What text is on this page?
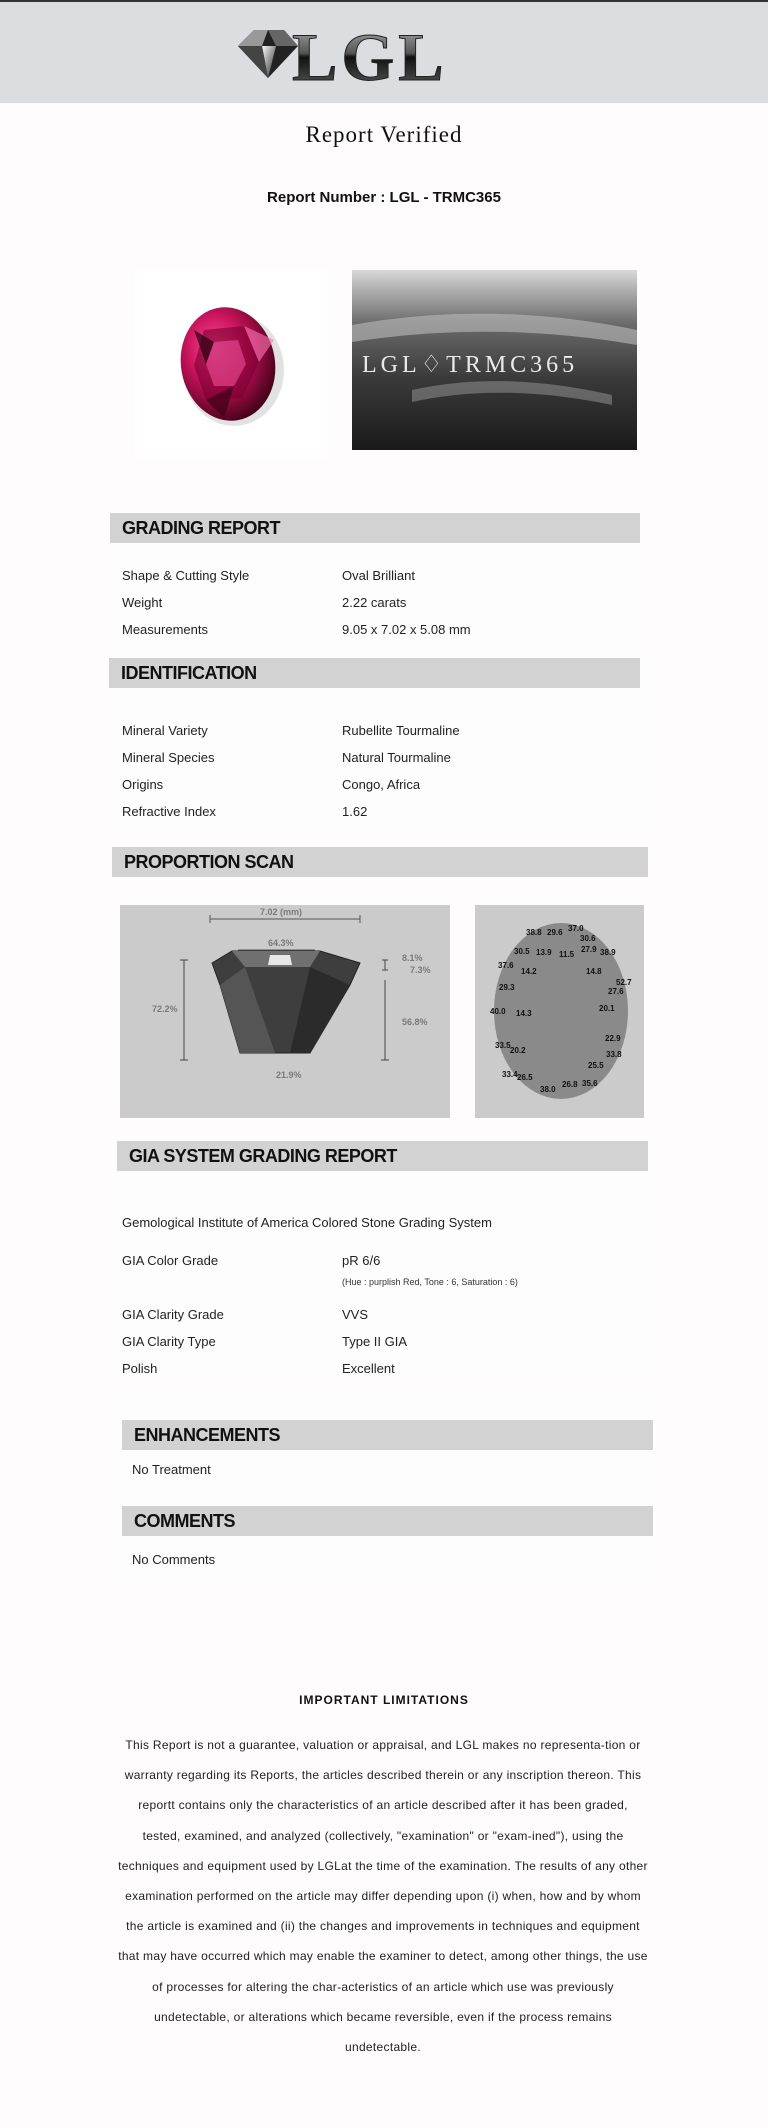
LGL
Report Verified
Report Number : LGL - TRMC365
LGL♢TRMC365
GRADING REPORT
Shape & Cutting Style	Oval Brilliant
Weight	2.22 carats
Measurements	9.05 x 7.02 x 5.08 mm
IDENTIFICATION
Mineral Variety	Rubellite Tourmaline
Mineral Species	Natural Tourmaline
Origins	Congo, Africa
Refractive Index	1.62
PROPORTION SCAN
7.02 (mm)
64.3%
8.1%
7.3%
72.2%
56.8%
21.9%
38.8 29.6 37.0
30.6
30.5 13.9 11.5
27.9 38.9
37.6
14.2	14.8
29.3
52.7
27.6
40.0 14.3
20.1
22.9
33.5
20.2	33.8
25.5
33.4 26.5
26.8 35.6
38.0
GIA SYSTEM GRADING REPORT
Gemological Institute of America Colored Stone Grading System
GIA Color Grade	pR 6/6
(Hue : purplish Red, Tone : 6, Saturation : 6)
GIA Clarity Grade	VVS
GIA Clarity Type	Type II GIA
Polish	Excellent
ENHANCEMENTS
No Treatment
COMMENTS
No Comments
IMPORTANT LIMITATIONS
This Report is not a guarantee, valuation or appraisal, and LGL makes no representa-tion or warranty regarding its Reports, the articles described therein or any inscription thereon. This reportt contains only the characteristics of an article described after it has been graded, tested, examined, and analyzed (collectively, "examination" or "exam-ined"), using the techniques and equipment used by LGLat the time of the examination. The results of any other examination performed on the article may differ depending upon (i) when, how and by whom the article is examined and (ii) the changes and improvements in techniques and equipment that may have occurred which may enable the examiner to detect, among other things, the use of processes for altering the char-acteristics of an article which use was previously undetectable, or alterations which became reversible, even if the process remains undetectable.
